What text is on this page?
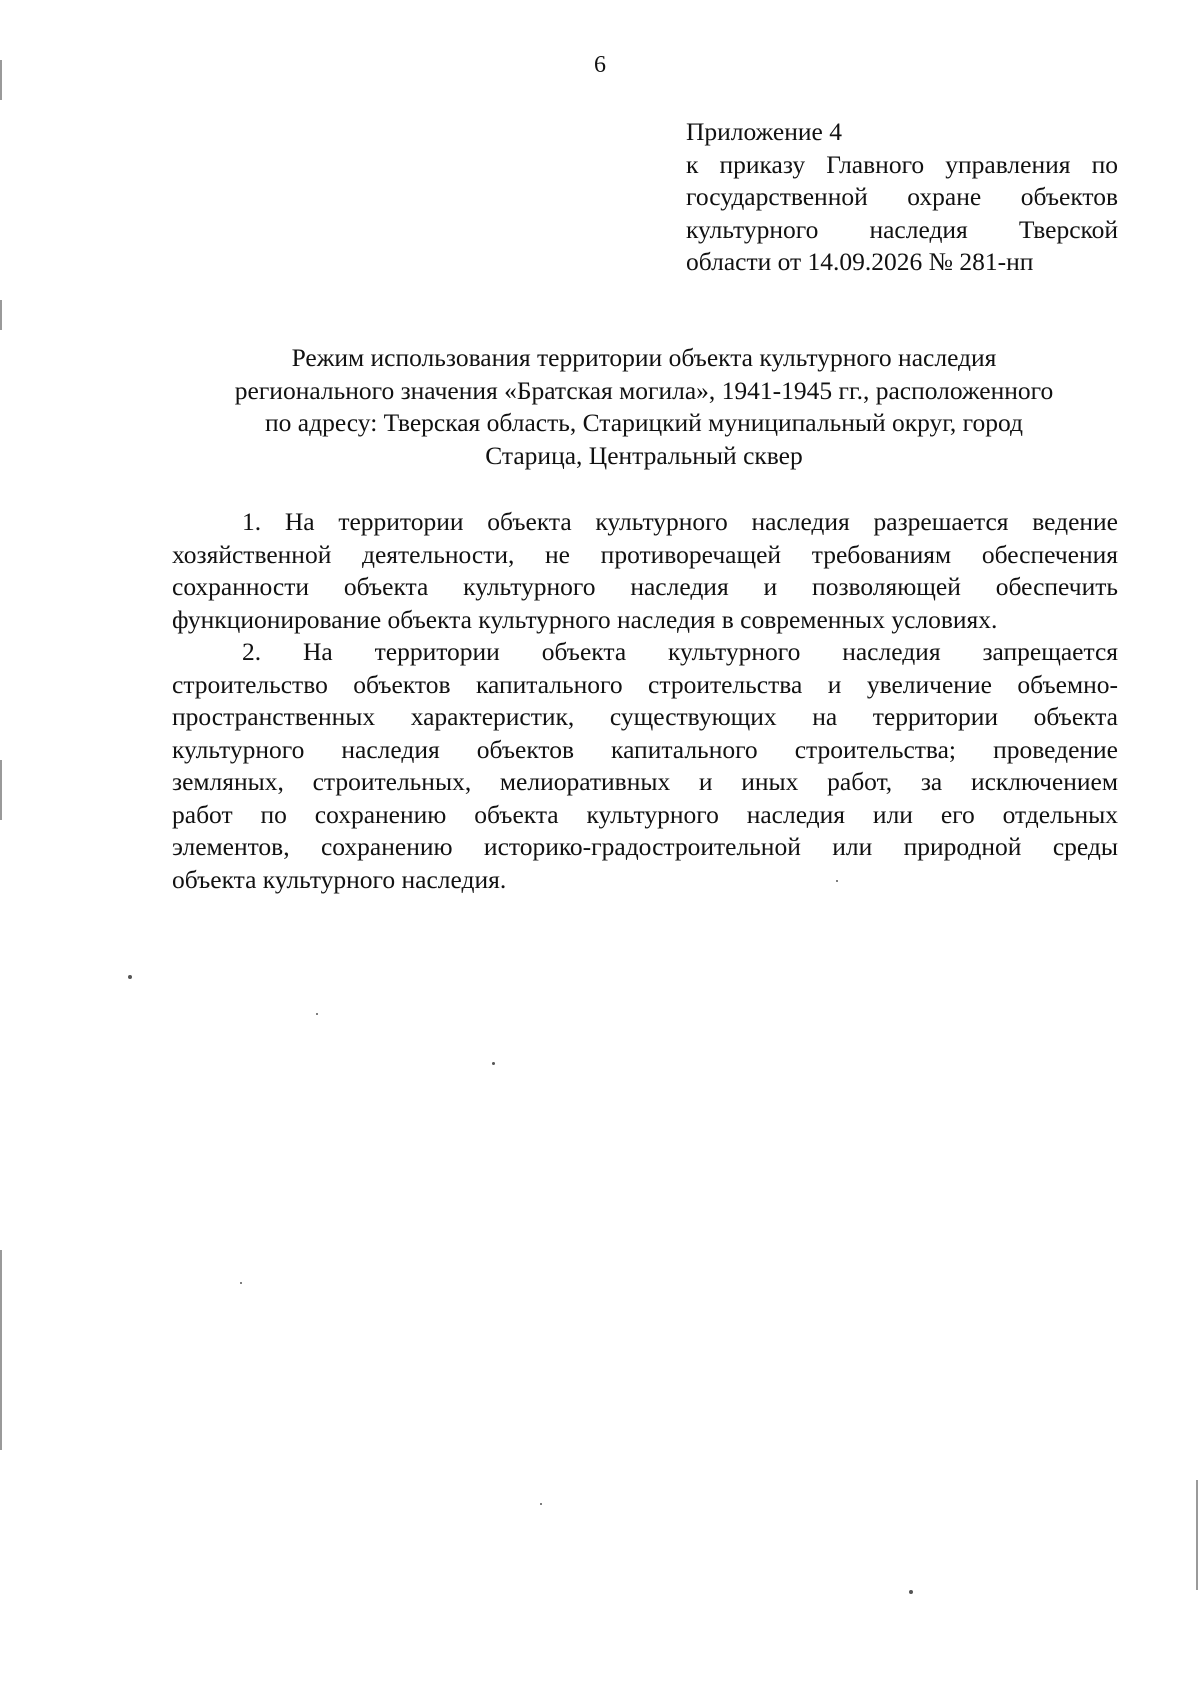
6
Приложение 4
к приказу Главного управления по
государственной охране объектов
культурного наследия Тверской
области от 14.09.2026 № 281-нп
Режим использования территории объекта культурного наследия
регионального значения «Братская могила», 1941-1945 гг., расположенного
по адресу: Тверская область, Старицкий муниципальный округ, город
Старица, Центральный сквер
1. На территории объекта культурного наследия разрешается ведение
хозяйственной деятельности, не противоречащей требованиям обеспечения
сохранности объекта культурного наследия и позволяющей обеспечить
функционирование объекта культурного наследия в современных условиях.
2. На территории объекта культурного наследия запрещается
строительство объектов капитального строительства и увеличение объемно-
пространственных характеристик, существующих на территории объекта
культурного наследия объектов капитального строительства; проведение
земляных, строительных, мелиоративных и иных работ, за исключением
работ по сохранению объекта культурного наследия или его отдельных
элементов, сохранению историко-градостроительной или природной среды
объекта культурного наследия.
